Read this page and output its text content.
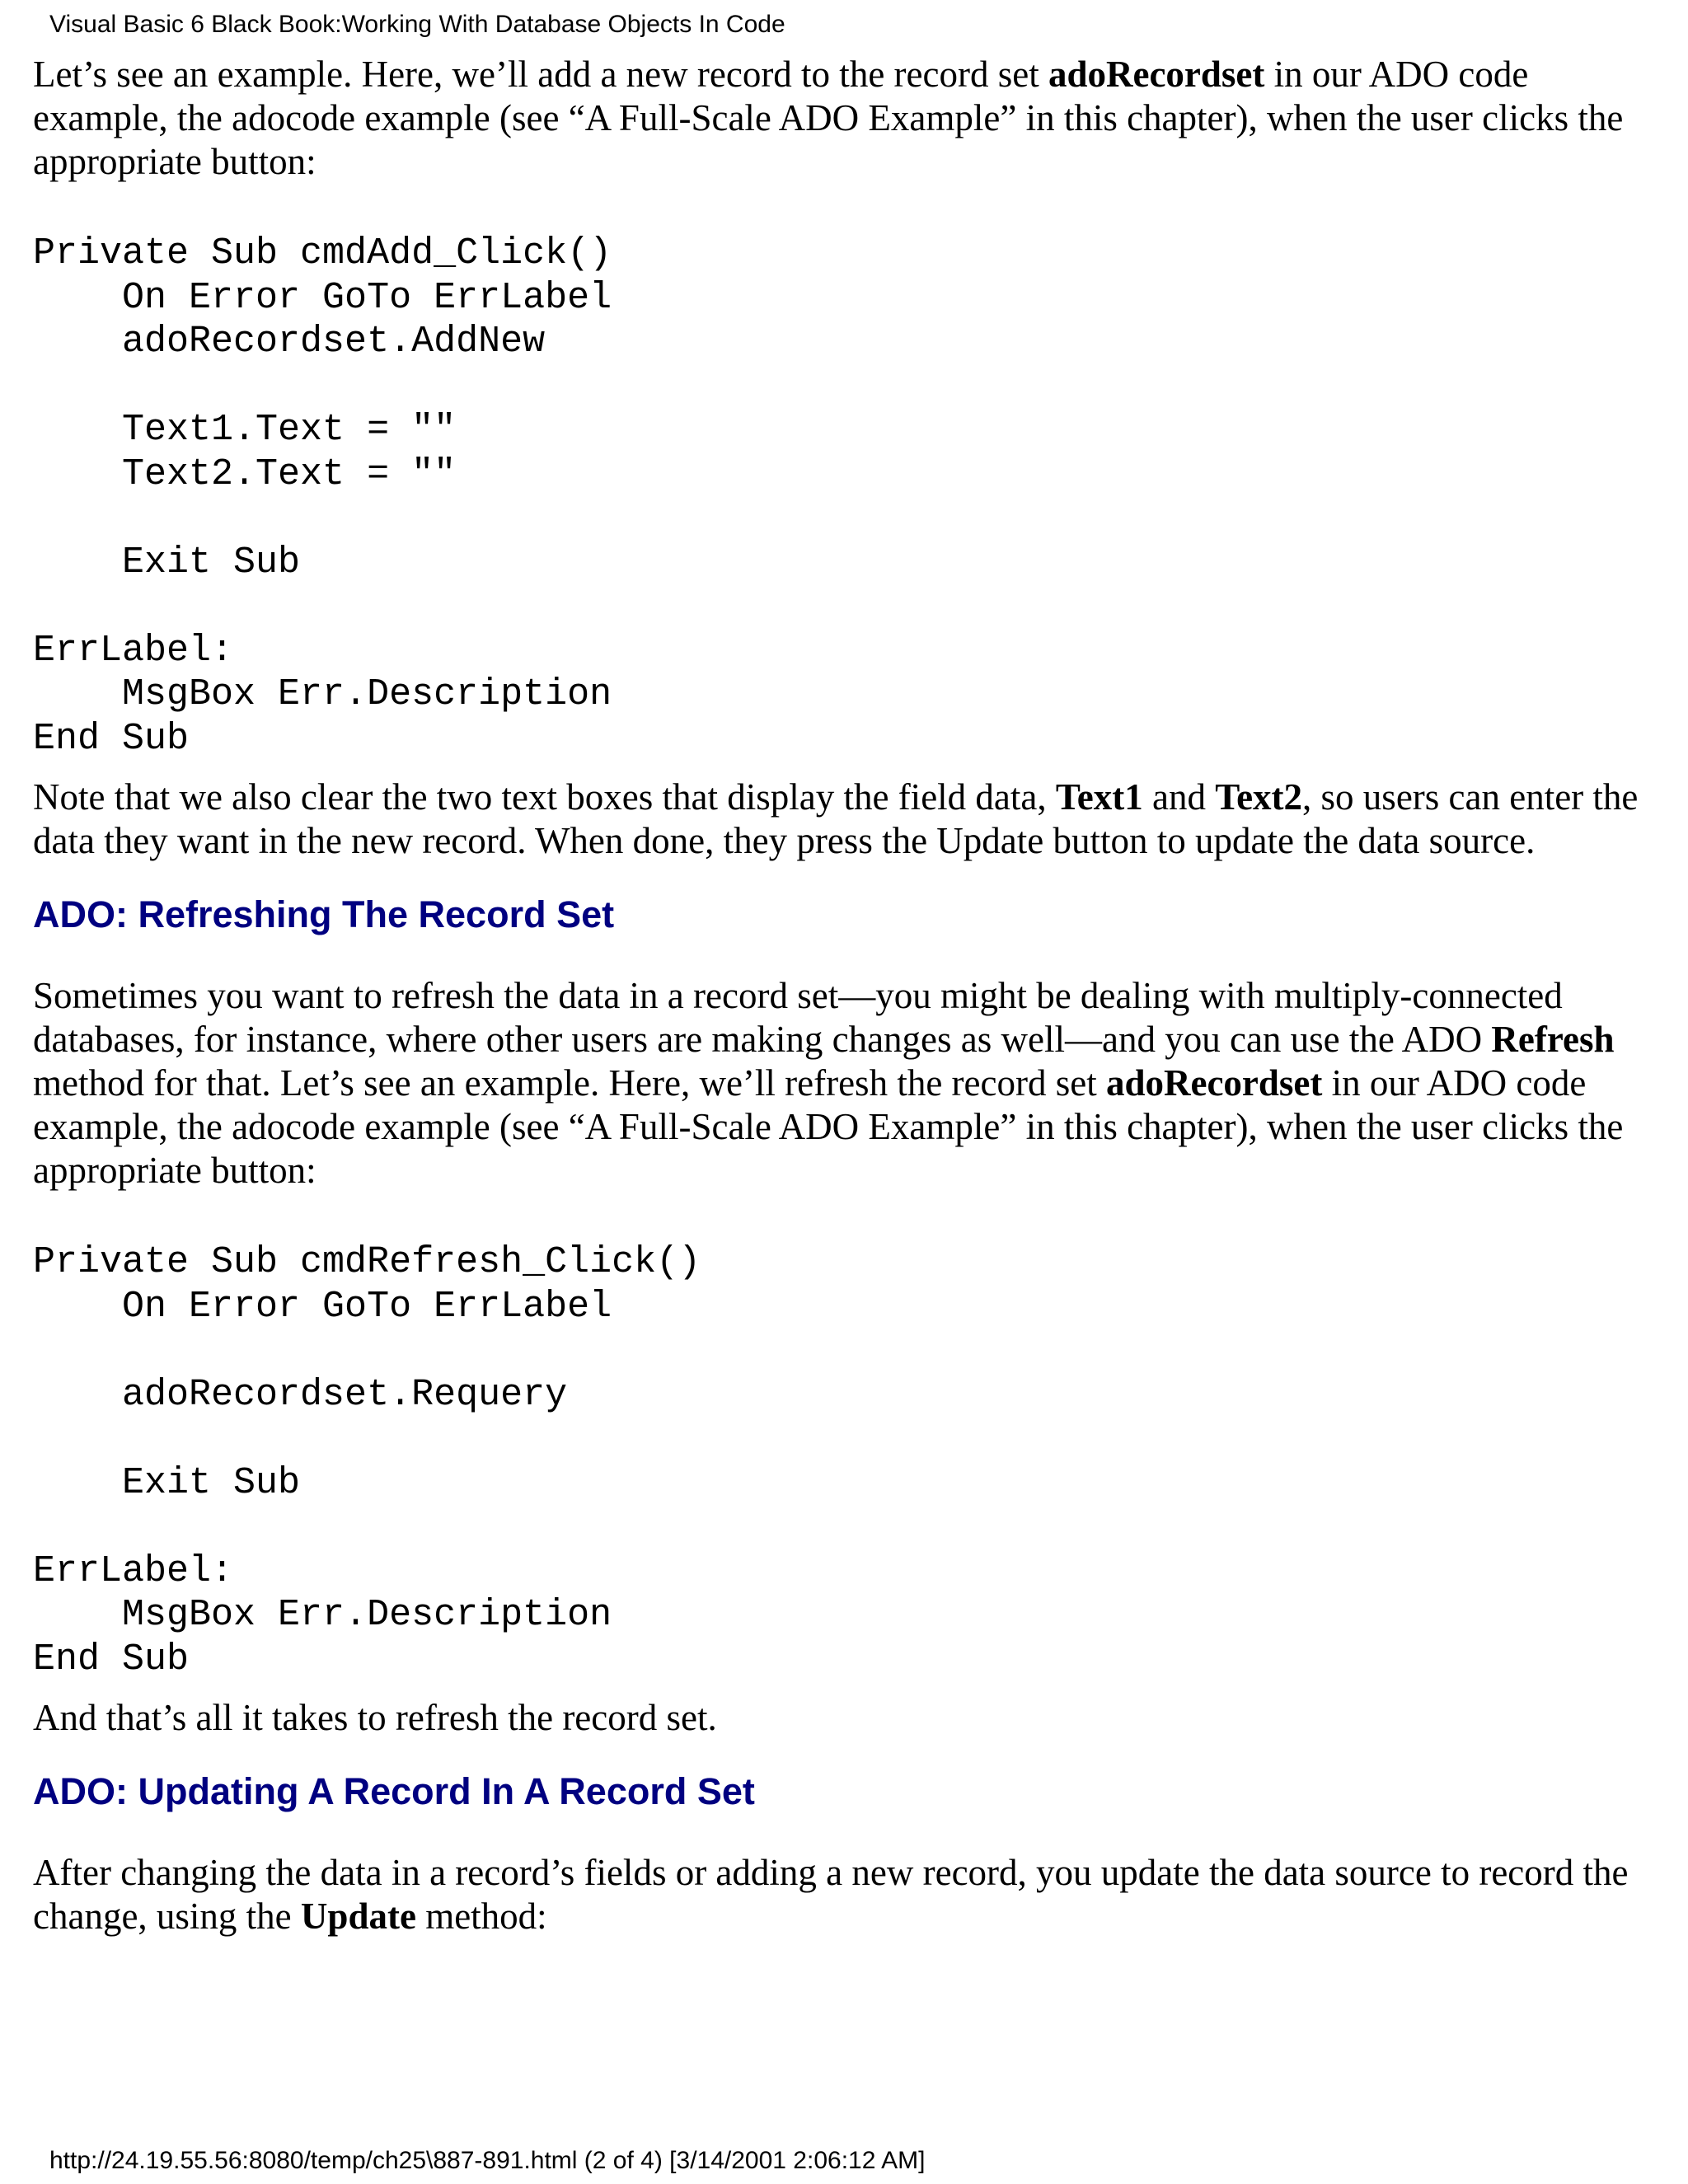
Visual Basic 6 Black Book:Working With Database Objects In Code

Let’s see an example. Here, we’ll add a new record to the record set adoRecordset in our ADO code example, the adocode example (see “A Full-Scale ADO Example” in this chapter), when the user clicks the appropriate button:

Private Sub cmdAdd_Click()
On Error GoTo ErrLabel
adoRecordset.AddNew

Text1.Text = ""
Text2.Text = ""

Exit Sub

ErrLabel:
MsgBox Err.Description
End Sub

Note that we also clear the two text boxes that display the field data, Text1 and Text2, so users can enter the data they want in the new record. When done, they press the Update button to update the data source.

ADO: Refreshing The Record Set

Sometimes you want to refresh the data in a record set—you might be dealing with multiply-connected databases, for instance, where other users are making changes as well—and you can use the ADO Refresh method for that. Let’s see an example. Here, we’ll refresh the record set adoRecordset in our ADO code example, the adocode example (see “A Full-Scale ADO Example” in this chapter), when the user clicks the appropriate button:

Private Sub cmdRefresh_Click()
On Error GoTo ErrLabel

adoRecordset.Requery

Exit Sub

ErrLabel:
MsgBox Err.Description
End Sub

And that’s all it takes to refresh the record set.

ADO: Updating A Record In A Record Set

After changing the data in a record’s fields or adding a new record, you update the data source to record the change, using the Update method:

http://24.19.55.56:8080/temp/ch25\887-891.html (2 of 4) [3/14/2001 2:06:12 AM]
